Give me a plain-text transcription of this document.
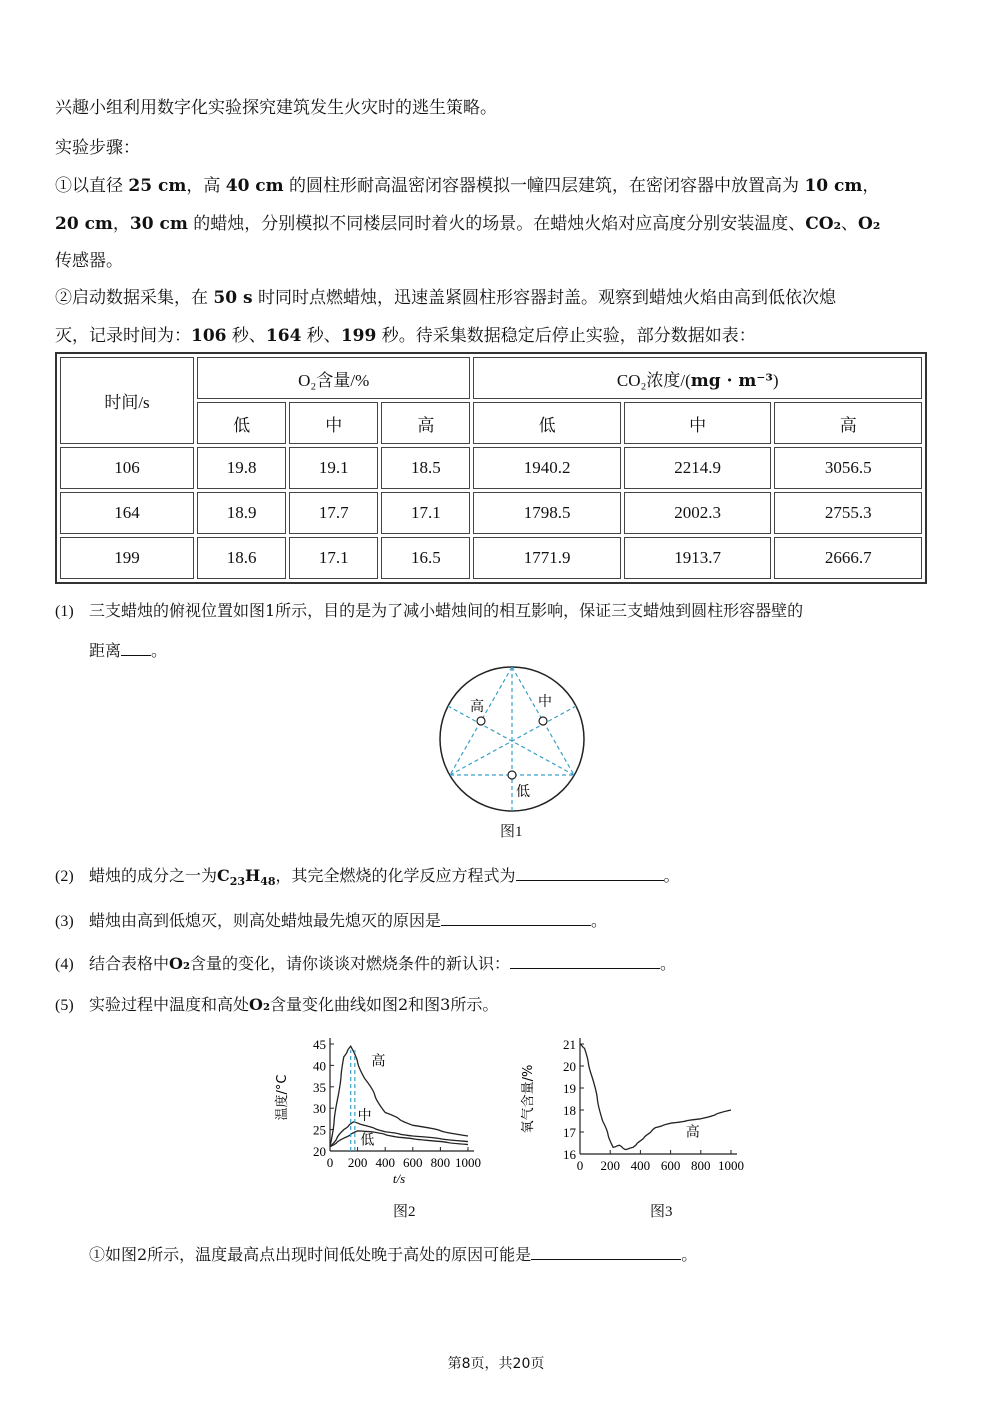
兴趣小组利用数字化实验探究建筑发生火灾时的逃生策略。
实验步骤：
①以直径 25 cm，高 40 cm 的圆柱形耐高温密闭容器模拟一幢四层建筑，在密闭容器中放置高为 10 cm，
20 cm，30 cm 的蜡烛，分别模拟不同楼层同时着火的场景。在蜡烛火焰对应高度分别安装温度、CO₂、O₂
传感器。
②启动数据采集，在 50 s 时同时点燃蜡烛，迅速盖紧圆柱形容器封盖。观察到蜡烛火焰由高到低依次熄
灭，记录时间为：106 秒、164 秒、199 秒。待采集数据稳定后停止实验，部分数据如表：
时间/s	O₂含量/%			CO₂浓度/(mg · m⁻³)		
	低	中	高	低	中	高
106	19.8	19.1	18.5	1940.2	2214.9	3056.5
164	18.9	17.7	17.1	1798.5	2002.3	2755.3
199	18.6	17.1	16.5	1771.9	1913.7	2666.7
(1) 三支蜡烛的俯视位置如图1所示，目的是为了减小蜡烛间的相互影响，保证三支蜡烛到圆柱形容器壁的
距离 。
高	中
低
图1
(2) 蜡烛的成分之一为$C_{23}H_{48}$，其完全燃烧的化学反应方程式为	。
(3) 蜡烛由高到低熄灭，则高处蜡烛最先熄灭的原因是	。
(4) 结合表格中O₂含量的变化，请你谈谈对燃烧条件的新认识：	。
(5) 实验过程中温度和高处O₂含量变化曲线如图2和图3所示。
20
25
30
35
40
45
0 200 400 600 800 1000
温度/°C
t/s
高
中
低
图2
16
17
18
19
20
21
0 200 400 600 800 1000
氧气含量/%	高
图3
①如图2所示，温度最高点出现时间低处晚于高处的原因可能是	。
第8页，共20页
